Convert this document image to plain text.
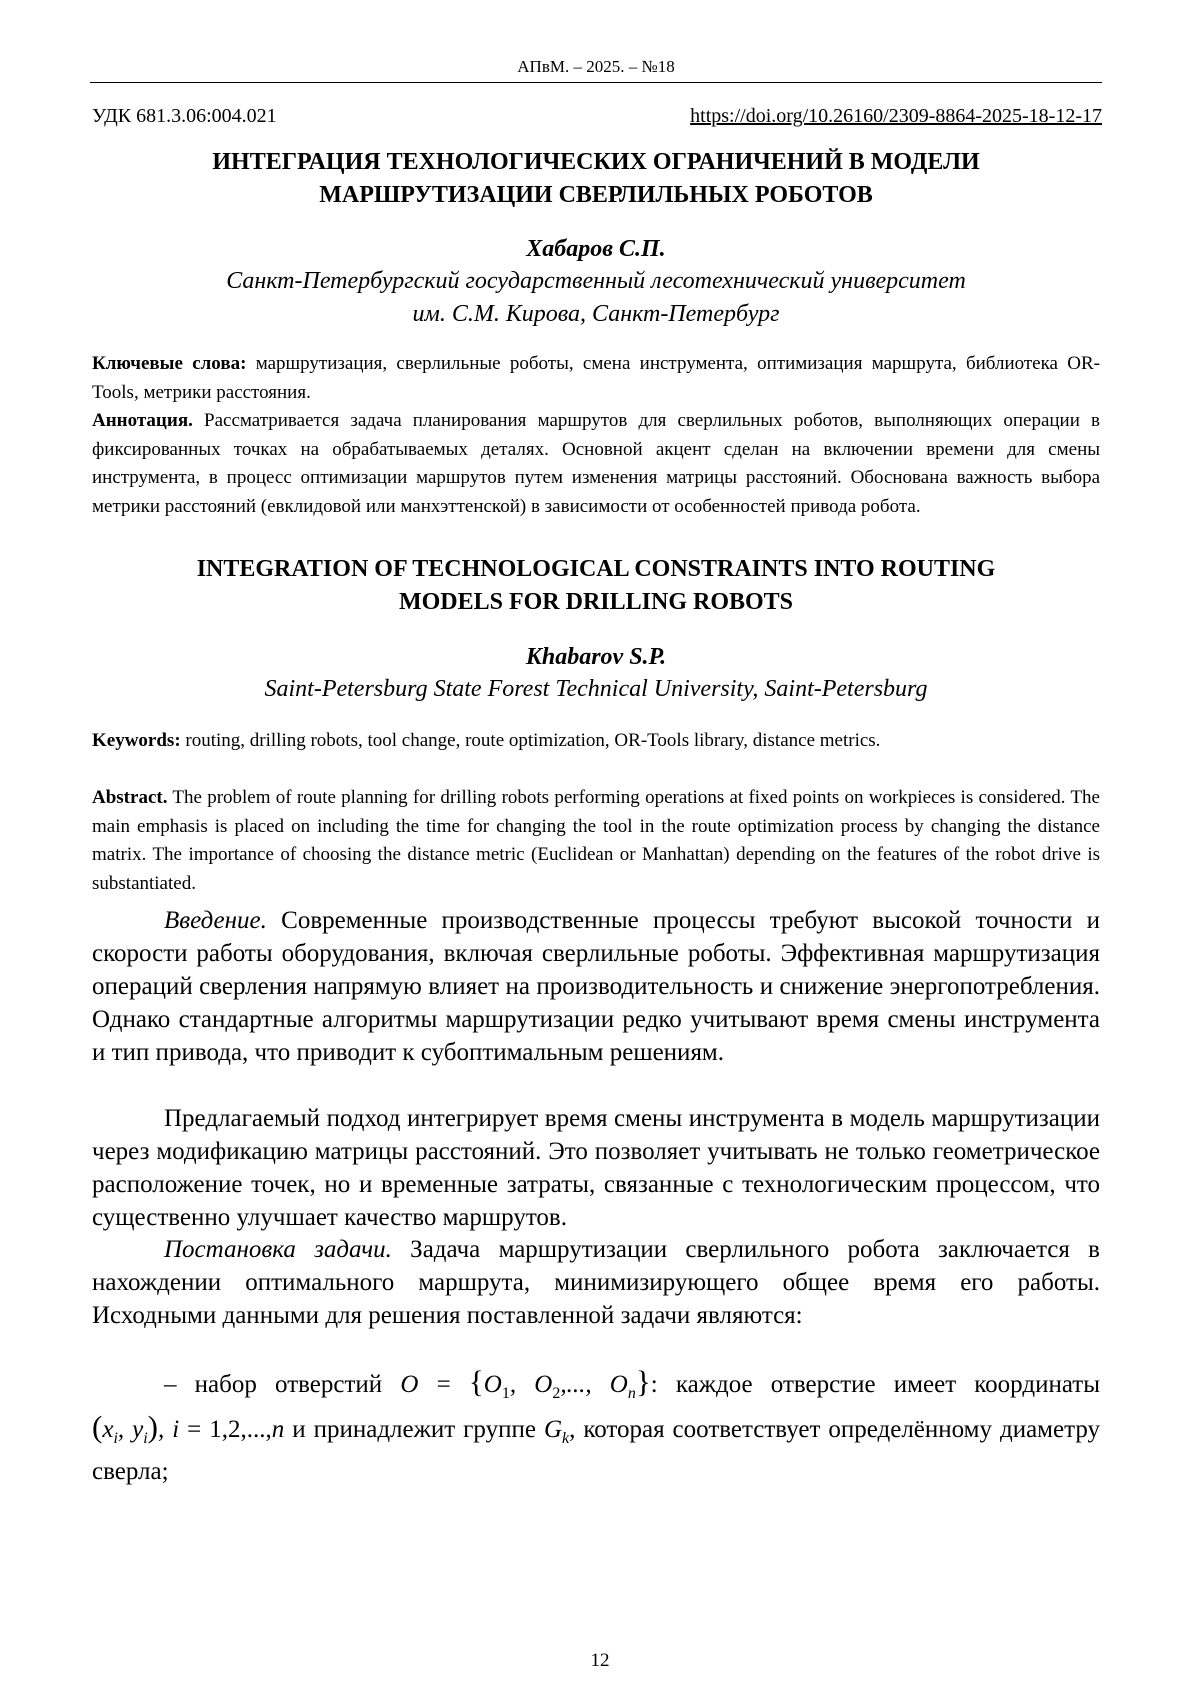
АПвМ. – 2025. – №18
УДК 681.3.06:004.021	https://doi.org/10.26160/2309-8864-2025-18-12-17
ИНТЕГРАЦИЯ ТЕХНОЛОГИЧЕСКИХ ОГРАНИЧЕНИЙ В МОДЕЛИ
МАРШРУТИЗАЦИИ СВЕРЛИЛЬНЫХ РОБОТОВ
Хабаров С.П.
Санкт-Петербургский государственный лесотехнический университет
им. С.М. Кирова, Санкт-Петербург

Ключевые слова: маршрутизация, сверлильные роботы, смена инструмента, оптимизация маршрута, библиотека OR-Tools, метрики расстояния.

Аннотация. Рассматривается задача планирования маршрутов для сверлильных роботов, выполняющих операции в фиксированных точках на обрабатываемых деталях. Основной акцент сделан на включении времени для смены инструмента, в процесс оптимизации маршрутов путем изменения матрицы расстояний. Обоснована важность выбора метрики расстояний (евклидовой или манхэттенской) в зависимости от особенностей привода робота.

INTEGRATION OF TECHNOLOGICAL CONSTRAINTS INTO ROUTING
MODELS FOR DRILLING ROBOTS
Khabarov S.P.
Saint-Petersburg State Forest Technical University, Saint-Petersburg

Keywords: routing, drilling robots, tool change, route optimization, OR-Tools library, distance metrics.

Abstract. The problem of route planning for drilling robots performing operations at fixed points on workpieces is considered. The main emphasis is placed on including the time for changing the tool in the route optimization process by changing the distance matrix. The importance of choosing the distance metric (Euclidean or Manhattan) depending on the features of the robot drive is substantiated.

Введение. Современные производственные процессы требуют высокой точности и скорости работы оборудования, включая сверлильные роботы. Эффективная маршрутизация операций сверления напрямую влияет на производительность и снижение энергопотребления. Однако стандартные алгоритмы маршрутизации редко учитывают время смены инструмента и тип привода, что приводит к субоптимальным решениям.

Предлагаемый подход интегрирует время смены инструмента в модель маршрутизации через модификацию матрицы расстояний. Это позволяет учитывать не только геометрическое расположение точек, но и временные затраты, связанные с технологическим процессом, что существенно улучшает качество маршрутов.

Постановка задачи. Задача маршрутизации сверлильного робота заключается в нахождении оптимального маршрута, минимизирующего общее время его работы. Исходными данными для решения поставленной задачи являются:

– набор отверстий O = {O1, O2,..., On}: каждое отверстие имеет координаты (xi, yi), i = 1,2,...,n и принадлежит группе Gk, которая соответствует определённому диаметру сверла;

12
